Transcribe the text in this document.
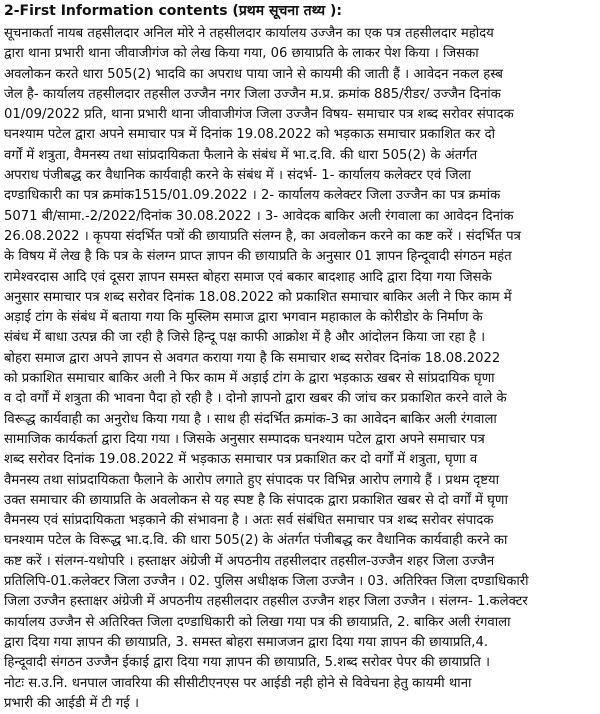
2-First Information contents (प्रथम सूचना तथ्य ):
सूचनाकर्ता नायब तहसीलदार अनिल मोरे ने तहसीलदार कार्यालय उज्जैन का एक पत्र तहसीलदार महोदय
द्वारा थाना प्रभारी थाना जीवाजीगंज को लेख किया गया, 06 छायाप्रति के लाकर पेश किया । जिसका
अवलोकन करते धारा 505(2) भादवि का अपराध पाया जाने से कायमी की जाती हैं । आवेदन नकल हस्ब
जेल है- कार्यालय तहसीलदार तहसील उज्जैन नगर जिला उज्जैन म.प्र. क्रमांक 885/रीडर/ उज्जैन दिनांक
01/09/2022 प्रति, थाना प्रभारी थाना जीवाजीगंज जिला उज्जैन विषय- समाचार पत्र शब्द सरोवर संपादक
घनश्याम पटेल द्वारा अपने समाचार पत्र में दिनांक 19.08.2022 को भड़काऊ समाचार प्रकाशित कर दो
वर्गों में शत्रुता, वैमनस्य तथा सांप्रदायिकता फैलाने के संबंध में भा.द.वि. की धारा 505(2) के अंतर्गत
अपराध पंजीबद्ध कर वैधानिक कार्यवाही करने के संबंध में । संदर्भ- 1- कार्यालय कलेक्टर एवं जिला
दण्डाधिकारी का पत्र क्रमांक1515/01.09.2022 । 2- कार्यालय कलेक्टर जिला उज्जैन का पत्र क्रमांक
5071 बी/सामा.-2/2022/दिनांक 30.08.2022 । 3- आवेदक बाकिर अली रंगवाला का आवेदन दिनांक
26.08.2022 । कृपया संदर्भित पत्रों की छायाप्रति संलग्न है, का अवलोकन करने का कष्ट करें । संदर्भित पत्र
के विषय में लेख है कि पत्र के संलग्न प्राप्त ज्ञापन की छायाप्रति के अनुसार 01 ज्ञापन हिन्दूवादी संगठन महंत
रामेश्वरदास आदि एवं दूसरा ज्ञापन समस्त बोहरा समाज एवं बकार बादशाह आदि द्वारा दिया गया जिसके
अनुसार समाचार पत्र शब्द सरोवर दिनांक 18.08.2022 को प्रकाशित समाचार बाकिर अली ने फिर काम में
अड़ाई टांग के संबंध में बताया गया कि मुस्लिम समाज द्वारा भगवान महाकाल के कोरीडोर के निर्माण के
संबंध में बाधा उत्पन्न की जा रही है जिसे हिन्दू पक्ष काफी आक्रोश में है और आंदोलन किया जा रहा है ।
बोहरा समाज द्वारा अपने ज्ञापन से अवगत कराया गया है कि समाचार शब्द सरोवर दिनांक 18.08.2022
को प्रकाशित समाचार बाकिर अली ने फिर काम में अड़ाई टांग के द्वारा भड़काऊ खबर से सांप्रदायिक घृणा
व दो वर्गों में शत्रुता की भावना पैदा हो रही है । दोनो ज्ञापनो द्वारा खबर की जांच कर प्रकाशित करने वाले के
विरूद्ध कार्यवाही का अनुरोध किया गया है । साथ ही संदर्भित क्रमांक-3 का आवेदन बाकिर अली रंगवाला
सामाजिक कार्यकर्ता द्वारा दिया गया । जिसके अनुसार सम्पादक घनश्याम पटेल द्वारा अपने समाचार पत्र
शब्द सरोवर दिनांक 19.08.2022 में भड़काऊ समाचार पत्र प्रकाशित कर दो वर्गों में शत्रुता, घृणा व
वैमनस्य तथा सांप्रदायिकता फैलाने के आरोप लगाते हुए संपादक पर विभिन्न आरोप लगाये हैं । प्रथम दृष्टया
उक्त समाचार की छायाप्रति के अवलोकन से यह स्पष्ट है कि संपादक द्वारा प्रकाशित खबर से दो वर्गों में घृणा
वैमनस्य एवं सांप्रदायिकता भड़काने की संभावना है । अतः सर्व संबंधित समाचार पत्र शब्द सरोवर संपादक
घनश्याम पटेल के विरूद्ध भा.द.वि. की धारा 505(2) के अंतर्गत पंजीबद्ध कर वैधानिक कार्यवाही करने का
कष्ट करें । संलग्न-यथोपरि । हस्ताक्षर अंग्रेजी में अपठनीय तहसीलदार तहसील-उज्जैन शहर जिला उज्जैन
प्रतिलिपि-01.कलेक्टर जिला उज्जैन । 02. पुलिस अधीक्षक जिला उज्जैन । 03. अतिरिक्त जिला दण्डाधिकारी
जिला उज्जैन हस्ताक्षर अंग्रेजी में अपठनीय तहसीलदार तहसील उज्जैन शहर जिला उज्जैन । संलग्न- 1.कलेक्टर
कार्यालय उज्जैन से अतिरिक्त जिला दण्डाधिकारी को लिखा गया पत्र की छायाप्रति, 2. बाकिर अली रंगवाला
द्वारा दिया गया ज्ञापन की छायाप्रति, 3. समस्त बोहरा समाजजन द्वारा दिया गया ज्ञापन की छायाप्रति,4.
हिन्दूवादी संगठन उज्जैन ईकाई द्वारा दिया गया ज्ञापन की छायाप्रति, 5.शब्द सरोवर पेपर की छायाप्रति ।
नोटः स.उ.नि. धनपाल जावरिया की सीसीटीएनएस पर आईडी नही होने से विवेचना हेतु कायमी थाना
प्रभारी की आईडी में टी गई ।
